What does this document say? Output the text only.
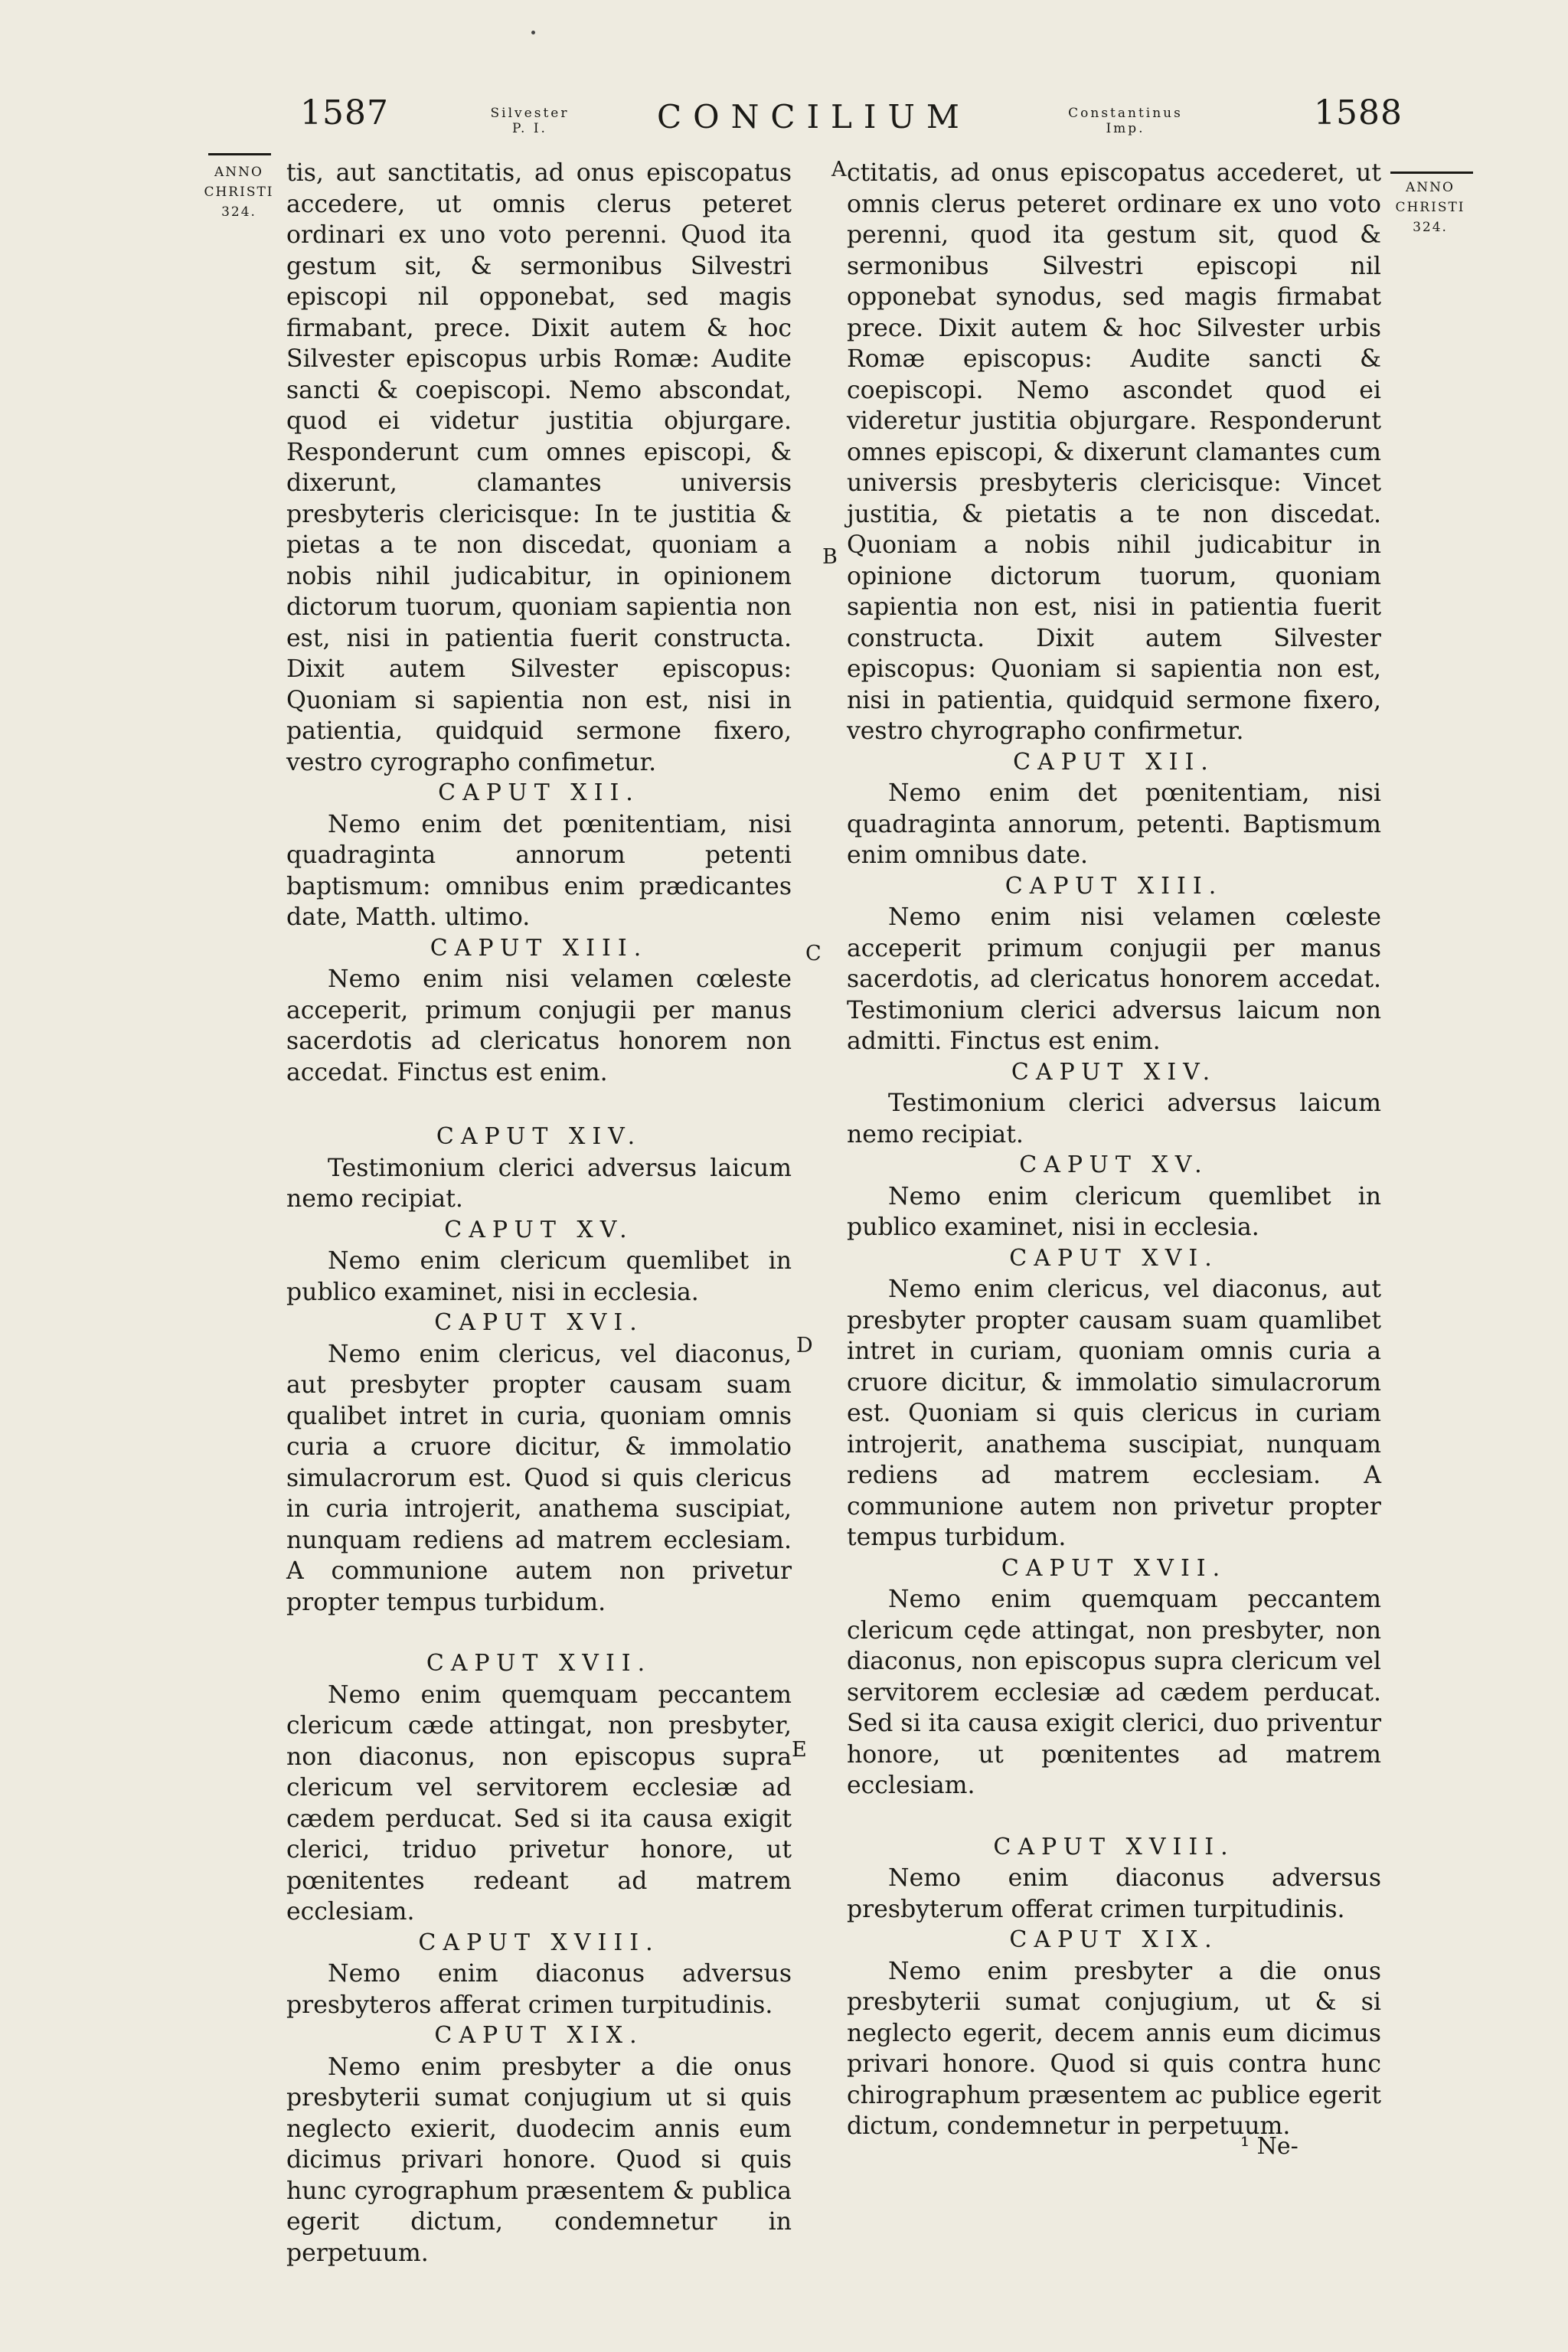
1587	Silvester
P. I.	CONCILIUM	Constantinus
Imp.	1588
ANNO
CHRISTI
324.
ANNO
CHRISTI
324.
A
B
C
D
E

tis, aut sanctitatis, ad onus episcopatus accedere, ut omnis clerus peteret ordinari ex uno voto perenni. Quod ita gestum sit, & sermonibus Silvestri episcopi nil opponebat, sed magis firmabant, prece. Dixit autem & hoc Silvester episcopus urbis Romæ: Audite sancti & coepiscopi. Nemo abscondat, quod ei videtur justitia objurgare. Responderunt cum omnes episcopi, & dixerunt, clamantes universis presbyteris clericisque: In te justitia & pietas a te non discedat, quoniam a nobis nihil judicabitur, in opinionem dictorum tuorum, quoniam sapientia non est, nisi in patientia fuerit constructa. Dixit autem Silvester episcopus: Quoniam si sapientia non est, nisi in patientia, quidquid sermone fixero, vestro cyrographo confimetur.

CAPUT XII.

Nemo enim det pœnitentiam, nisi quadraginta annorum petenti baptismum: omnibus enim prædicantes date, Matth. ultimo.

CAPUT XIII.

Nemo enim nisi velamen cœleste acceperit, primum conjugii per manus sacerdotis ad clericatus honorem non accedat. Finctus est enim.

CAPUT XIV.

Testimonium clerici adversus laicum nemo recipiat.

CAPUT XV.

Nemo enim clericum quemlibet in publico examinet, nisi in ecclesia.

CAPUT XVI.

Nemo enim clericus, vel diaconus, aut presbyter propter causam suam qualibet intret in curia, quoniam omnis curia a cruore dicitur, & immolatio simulacrorum est. Quod si quis clericus in curia introjerit, anathema suscipiat, nunquam rediens ad matrem ecclesiam. A communione autem non privetur propter tempus turbidum.

CAPUT XVII.

Nemo enim quemquam peccantem clericum cæde attingat, non presbyter, non diaconus, non episcopus supra clericum vel servitorem ecclesiæ ad cædem perducat. Sed si ita causa exigit clerici, triduo privetur honore, ut pœnitentes redeant ad matrem ecclesiam.

CAPUT XVIII.

Nemo enim diaconus adversus presbyteros afferat crimen turpitudinis.

CAPUT XIX.

Nemo enim presbyter a die onus presbyterii sumat conjugium ut si quis neglecto exierit, duodecim annis eum dicimus privari honore. Quod si quis hunc cyrographum præsentem & publica egerit dictum, condemnetur in perpetuum.

ctitatis, ad onus episcopatus accederet, ut omnis clerus peteret ordinare ex uno voto perenni, quod ita gestum sit, quod & sermonibus Silvestri episcopi nil opponebat synodus, sed magis firmabat prece. Dixit autem & hoc Silvester urbis Romæ episcopus: Audite sancti & coepiscopi. Nemo ascondet quod ei videretur justitia objurgare. Responderunt omnes episcopi, & dixerunt clamantes cum universis presbyteris clericisque: Vincet justitia, & pietatis a te non discedat. Quoniam a nobis nihil judicabitur in opinione dictorum tuorum, quoniam sapientia non est, nisi in patientia fuerit constructa. Dixit autem Silvester episcopus: Quoniam si sapientia non est, nisi in patientia, quidquid sermone fixero, vestro chyrographo confirmetur.

CAPUT XII.

Nemo enim det pœnitentiam, nisi quadraginta annorum, petenti. Baptismum enim omnibus date.

CAPUT XIII.

Nemo enim nisi velamen cœleste acceperit primum conjugii per manus sacerdotis, ad clericatus honorem accedat. Testimonium clerici adversus laicum non admitti. Finctus est enim.

CAPUT XIV.

Testimonium clerici adversus laicum nemo recipiat.

CAPUT XV.

Nemo enim clericum quemlibet in publico examinet, nisi in ecclesia.

CAPUT XVI.

Nemo enim clericus, vel diaconus, aut presbyter propter causam suam quamlibet intret in curiam, quoniam omnis curia a cruore dicitur, & immolatio simulacrorum est. Quoniam si quis clericus in curiam introjerit, anathema suscipiat, nunquam rediens ad matrem ecclesiam. A communione autem non privetur propter tempus turbidum.

CAPUT XVII.

Nemo enim quemquam peccantem clericum cęde attingat, non presbyter, non diaconus, non episcopus supra clericum vel servitorem ecclesiæ ad cædem perducat. Sed si ita causa exigit clerici, duo priventur honore, ut pœnitentes ad matrem ecclesiam.

CAPUT XVIII.

Nemo enim diaconus adversus presbyterum offerat crimen turpitudinis.

CAPUT XIX.

Nemo enim presbyter a die onus presbyterii sumat conjugium, ut & si neglecto egerit, decem annis eum dicimus privari honore. Quod si quis contra hunc chirographum præsentem ac publice egerit dictum, condemnetur in perpetuum.

¹ Ne-
